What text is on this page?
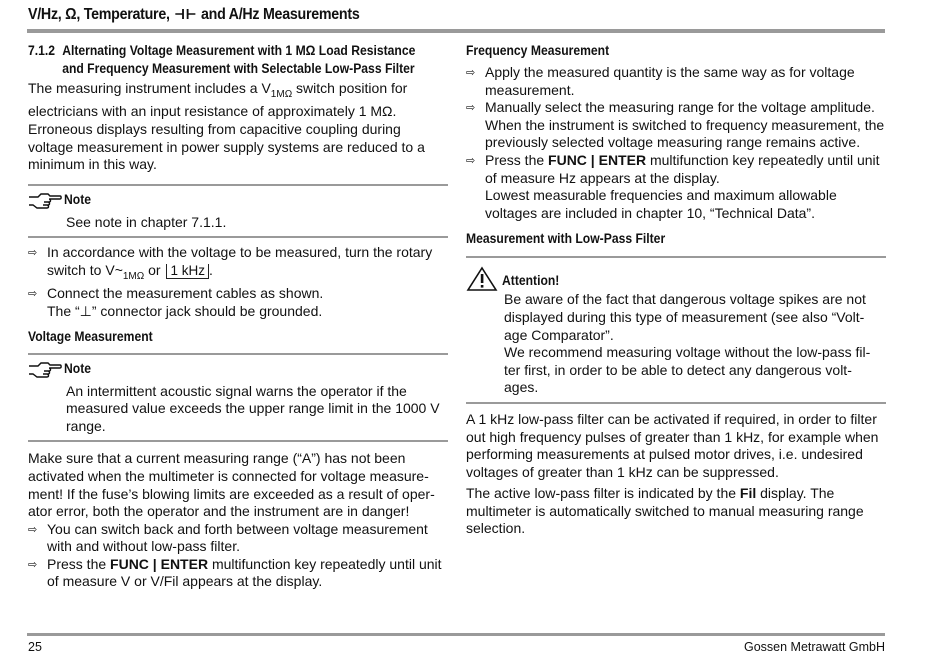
V/Hz, Ω, Temperature, and A/Hz Measurements
7.1.2 Alternating Voltage Measurement with 1 MΩ Load Resistance
and Frequency Measurement with Selectable Low-Pass Filter

The measuring instrument includes a $V_{1M\Omega}$ switch position for electricians with an input resistance of approximately 1 MΩ. Erroneous displays resulting from capacitive coupling during voltage measurement in power supply systems are reduced to a minimum in this way.

Note
See note in chapter 7.1.1.
⇨ In accordance with the voltage to be measured, turn the rotary switch to $V\sim_{1M\Omega}$ or 1 kHz .
⇨ Connect the measurement cables as shown.
The “⊥” connector jack should be grounded.
Voltage Measurement
Note
An intermittent acoustic signal warns the operator if the measured value exceeds the upper range limit in the 1000 V range.

Make sure that a current measuring range (“A”) has not been activated when the multimeter is connected for voltage measure-ment! If the fuse’s blowing limits are exceeded as a result of oper-ator error, both the operator and the instrument are in danger!

⇨ You can switch back and forth between voltage measurement with and without low-pass filter.
⇨ Press the FUNC | ENTER multifunction key repeatedly until unit of measure V or V/Fil appears at the display.
Frequency Measurement
⇨ Apply the measured quantity is the same way as for voltage measurement.
⇨ Manually select the measuring range for the voltage amplitude. When the instrument is switched to frequency measurement, the previously selected voltage measuring range remains active.
⇨ Press the FUNC | ENTER multifunction key repeatedly until unit of measure Hz appears at the display.
Lowest measurable frequencies and maximum allowable voltages are included in chapter 10, “Technical Data”.
Measurement with Low-Pass Filter
Attention!
Be aware of the fact that dangerous voltage spikes are not displayed during this type of measurement (see also “Volt-age Comparator”.
We recommend measuring voltage without the low-pass fil-ter first, in order to be able to detect any dangerous volt-ages.

A 1 kHz low-pass filter can be activated if required, in order to filter out high frequency pulses of greater than 1 kHz, for example when performing measurements at pulsed motor drives, i.e. undesired voltages of greater than 1 kHz can be suppressed.

The active low-pass filter is indicated by the Fil display. The multimeter is automatically switched to manual measuring range selection.

25	Gossen Metrawatt GmbH
